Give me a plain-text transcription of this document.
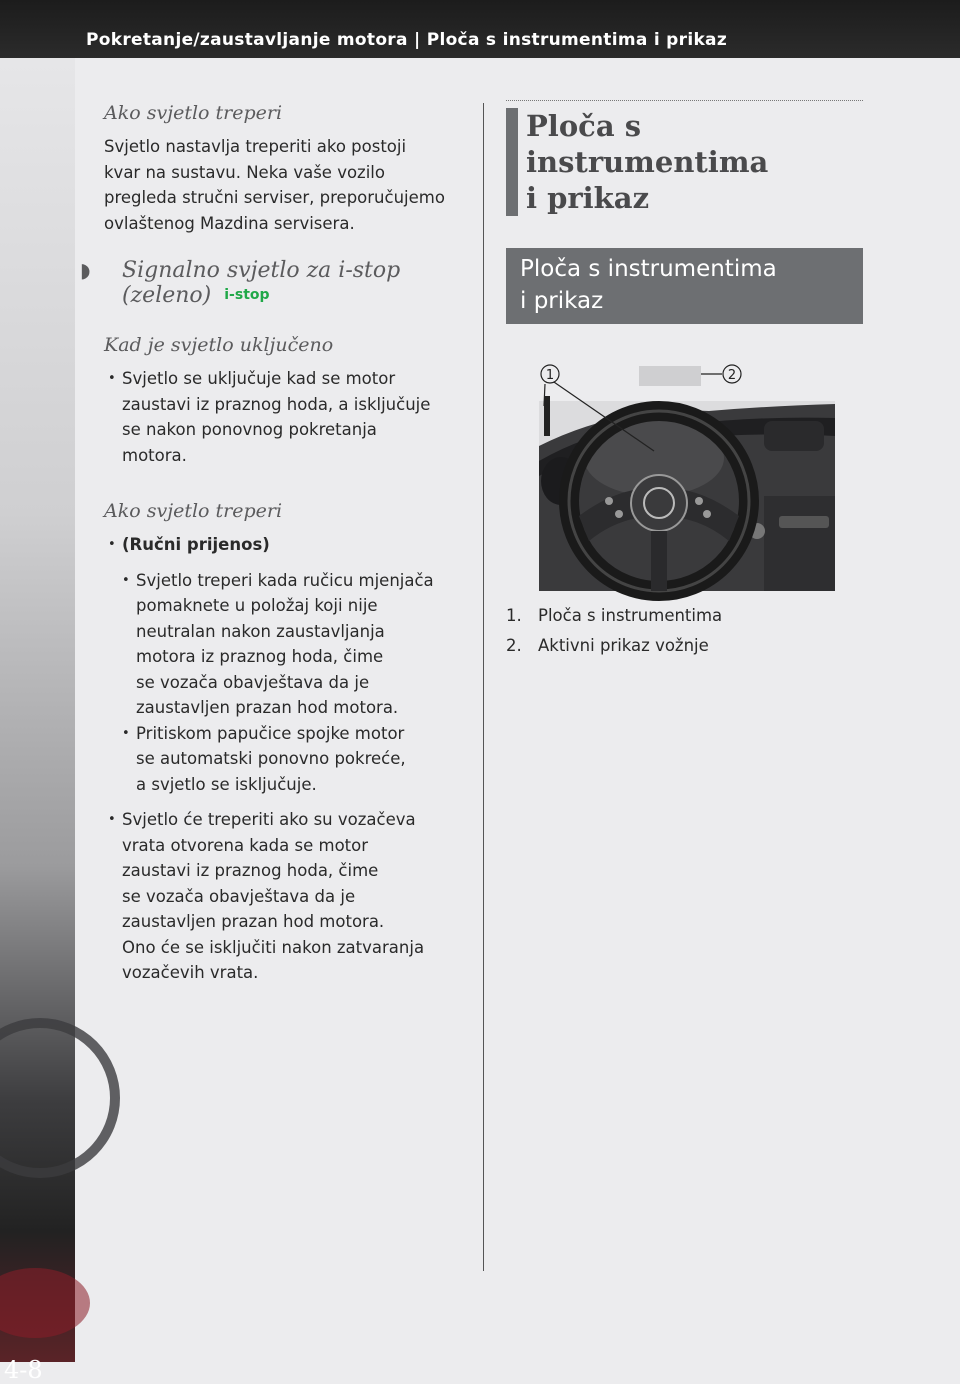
Pokretanje/zaustavljanje motora | Ploča s instrumentima i prikaz
4-8
Ako svjetlo treperi
Svjetlo nastavlja treperiti ako postoji
kvar na sustavu. Neka vaše vozilo
pregleda stručni serviser, preporučujemo
ovlaštenog Mazdina servisera.
◗ Signalno svjetlo za i-stop
(zeleno) i-stop
Kad je svjetlo uključeno
• Svjetlo se uključuje kad se motor
zaustavi iz praznog hoda, a isključuje
se nakon ponovnog pokretanja
motora.
Ako svjetlo treperi
• (Ručni prijenos)
• Svjetlo treperi kada ručicu mjenjača
pomaknete u položaj koji nije
neutralan nakon zaustavljanja
motora iz praznog hoda, čime
se vozača obavještava da je
zaustavljen prazan hod motora.
• Pritiskom papučice spojke motor
se automatski ponovno pokreće,
a svjetlo se isključuje.
• Svjetlo će treperiti ako su vozačeva
vrata otvorena kada se motor
zaustavi iz praznog hoda, čime
se vozača obavještava da je
zaustavljen prazan hod motora.
Ono će se isključiti nakon zatvaranja
vozačevih vrata.
Ploča s instrumentima
i prikaz
Ploča s instrumentima
i prikaz
1	2
1. Ploča s instrumentima
2. Aktivni prikaz vožnje
